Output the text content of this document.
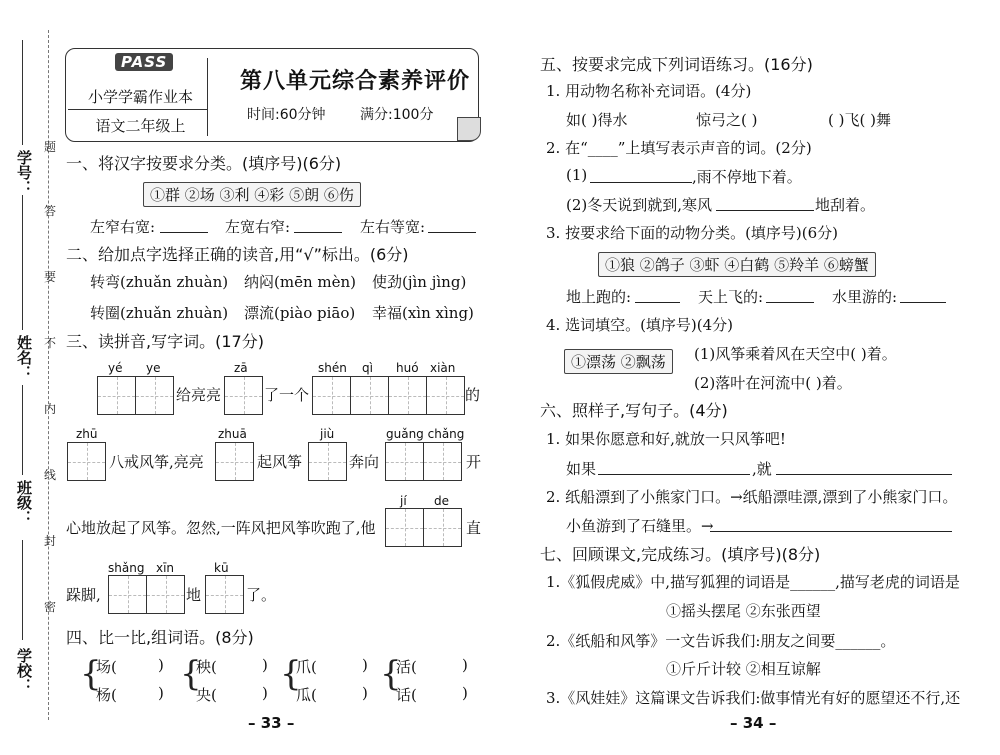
学号：
姓名：
班级：
学校：
题
答
要
不
内
线
封
密
PASS
小学学霸作业本
语文二年级上
第八单元综合素养评价
时间:60分钟 满分:100分
一、将汉字按要求分类。(填序号)(6分)
①群 ②场 ③利 ④彩 ⑤朗 ⑥伤
左窄右宽:	左宽右窄:	左右等宽:
二、给加点字选择正确的读音,用“√”标出。(6分)
转弯(zhuǎn zhuàn) 纳闷(mēn mèn) 使劲(jìn jìng)
转圈(zhuǎn zhuàn) 漂流(piào piāo) 幸福(xìn xìng)
三、读拼音,写字词。(17分)
yé ye
给亮亮
zā
了一个
shén qì huó xiàn
的
zhū
八戒风筝,亮亮
zhuā
起风筝
jiù
奔向
guǎng chǎng
开
jí de
心地放起了风筝。忽然,一阵风把风筝吹跑了,他	直
shǎng xīn
跺脚,	地
kū
了。
四、比一比,组词语。(8分)
{
场(	)
杨(	) {
秧(	)
央(	) {
爪(	)
瓜(	) {
活(	)
话(	)
– 33 –
五、按要求完成下列词语练习。(16分)
1. 用动物名称补充词语。(4分)
如( )得水	惊弓之( )	( )飞( )舞
2. 在“____”上填写表示声音的词。(2分)
(1)	,雨不停地下着。
(2)冬天说到就到,寒风	地刮着。
3. 按要求给下面的动物分类。(填序号)(6分)
①狼 ②鸽子 ③虾 ④白鹤 ⑤羚羊 ⑥螃蟹
地上跑的:	天上飞的:	水里游的:
4. 选词填空。(填序号)(4分)
①漂荡 ②飘荡	(1)风筝乘着风在天空中( )着。
(2)落叶在河流中( )着。
六、照样子,写句子。(4分)
1. 如果你愿意和好,就放一只风筝吧!
如果	,就
2. 纸船漂到了小熊家门口。→纸船漂哇漂,漂到了小熊家门口。
小鱼游到了石缝里。→
七、回顾课文,完成练习。(填序号)(8分)
1.《狐假虎威》中,描写狐狸的词语是______,描写老虎的词语是
①摇头摆尾 ②东张西望
2.《纸船和风筝》一文告诉我们:朋友之间要______。
①斤斤计较 ②相互谅解
3.《风娃娃》这篇课文告诉我们:做事情光有好的愿望还不行,还
– 34 –
